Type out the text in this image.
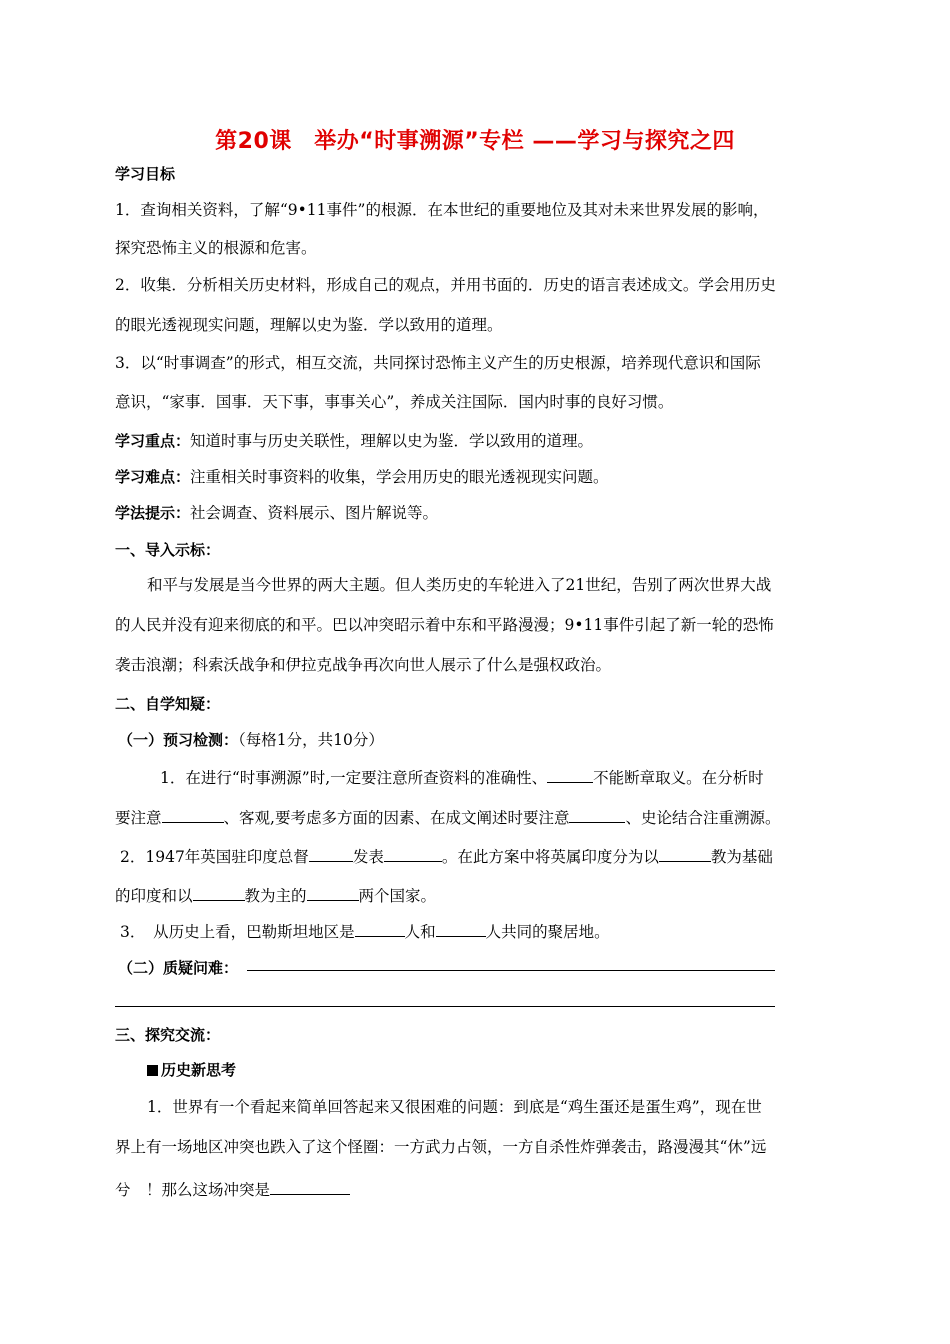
第20课　举办“时事溯源”专栏 ——学习与探究之四
学习目标
1．查询相关资料，了解“9•11事件”的根源．在本世纪的重要地位及其对未来世界发展的影响，
探究恐怖主义的根源和危害。
2．收集．分析相关历史材料，形成自己的观点，并用书面的．历史的语言表述成文。学会用历史
的眼光透视现实问题，理解以史为鉴．学以致用的道理。
3．以“时事调查”的形式，相互交流，共同探讨恐怖主义产生的历史根源，培养现代意识和国际
意识，“家事．国事．天下事，事事关心”，养成关注国际．国内时事的良好习惯。
学习重点：知道时事与历史关联性，理解以史为鉴．学以致用的道理。
学习难点：注重相关时事资料的收集，学会用历史的眼光透视现实问题。
学法提示：社会调查、资料展示、图片解说等。
一、导入示标：
和平与发展是当今世界的两大主题。但人类历史的车轮进入了21世纪，告别了两次世界大战
的人民并没有迎来彻底的和平。巴以冲突昭示着中东和平路漫漫；9•11事件引起了新一轮的恐怖
袭击浪潮；科索沃战争和伊拉克战争再次向世人展示了什么是强权政治。
二、自学知疑：
（一）预习检测：（每格1分，共10分）
1．在进行“时事溯源”时,一定要注意所查资料的准确性、	不能断章取义。在分析时
要注意	、客观,要考虑多方面的因素、在成文阐述时要注意	、史论结合注重溯源。
2．1947年英国驻印度总督	发表	。在此方案中将英属印度分为以	教为基础
的印度和以	教为主的	两个国家。
3．　从历史上看，巴勒斯坦地区是	人和	人共同的聚居地。
（二）质疑问难：
三、探究交流：
历史新思考
1．世界有一个看起来简单回答起来又很困难的问题：到底是“鸡生蛋还是蛋生鸡”，现在世
界上有一场地区冲突也跌入了这个怪圈：一方武力占领，一方自杀性炸弹袭击，路漫漫其“休”远
兮　！那么这场冲突是
